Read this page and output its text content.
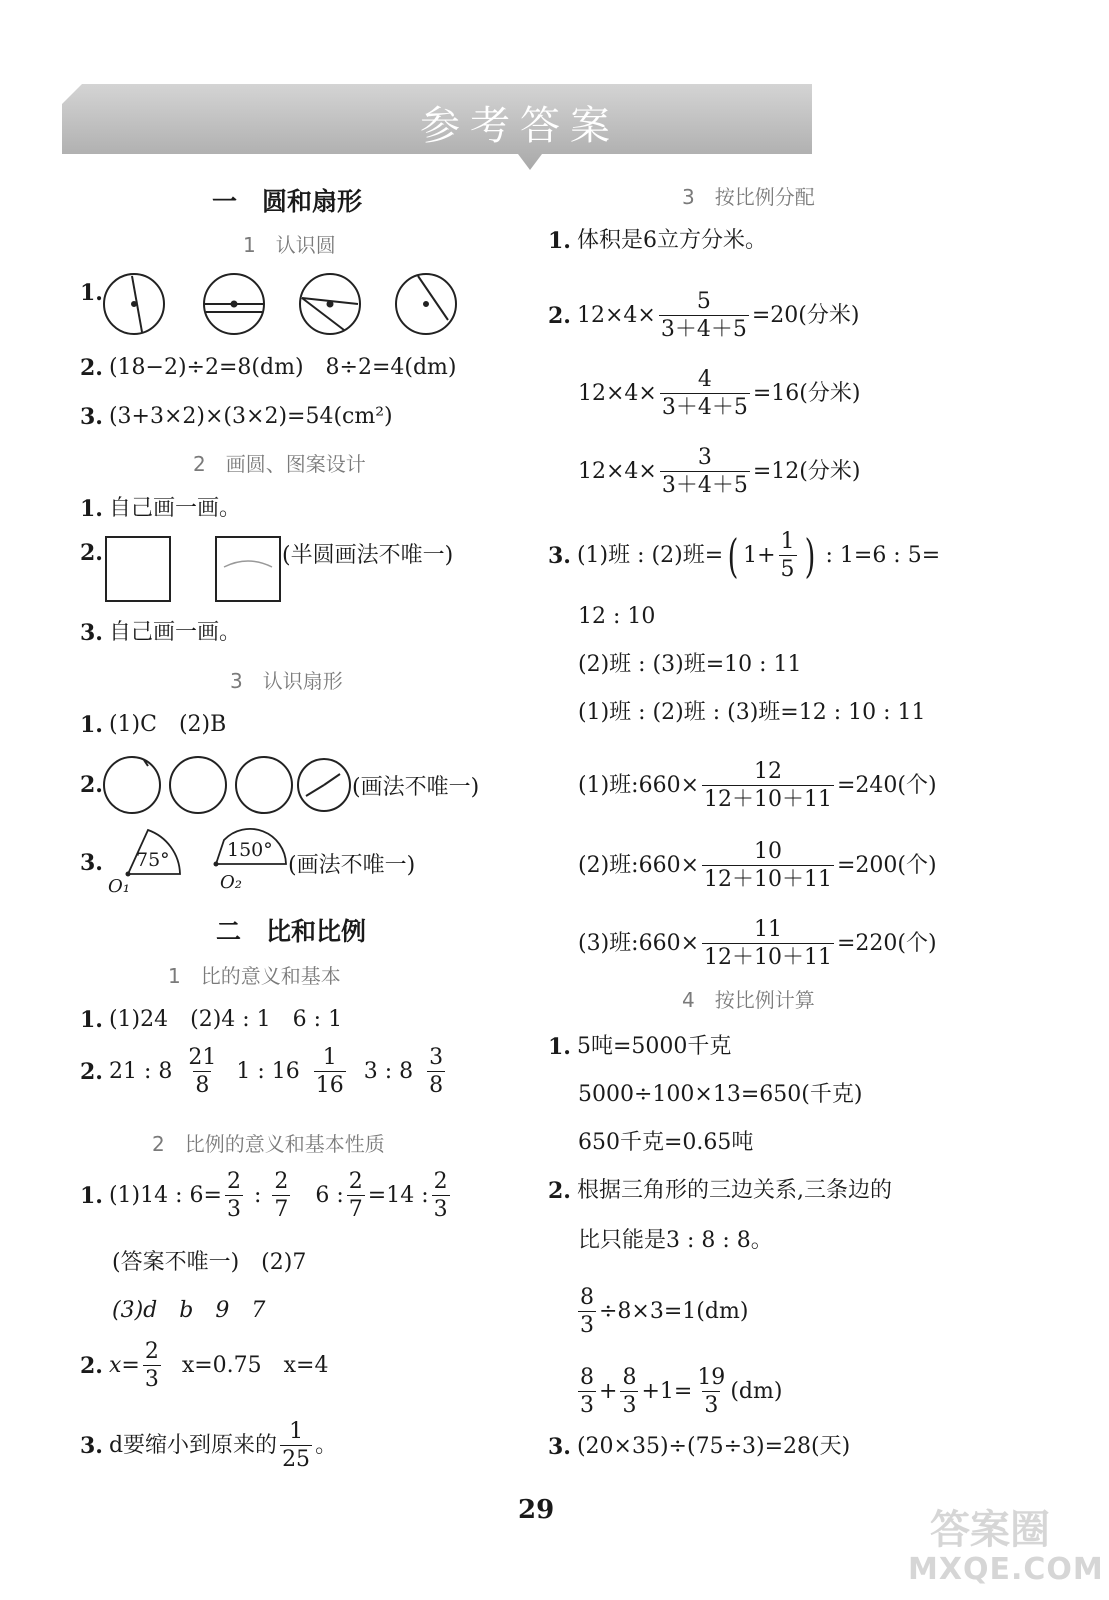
参考答案
一　圆和扇形
1　认识圆
1.
2. (18−2)÷2=8(dm)　8÷2=4(dm)
3. (3+3×2)×(3×2)=54(cm²)
2　画圆、图案设计
1. 自己画一画。
2.	(半圆画法不唯一)
3. 自己画一画。
3　认识扇形
1. (1)C　(2)B
2.	(画法不唯一)
3. 75°	150°
O₁	O₂
(画法不唯一)
二　比和比例
1　比的意义和基本
1. (1)24　(2)4 : 1　6 : 1
2. 21 : $8 \frac{21}{8} 1$ : $16 \frac{1}{16} 3$ : $8 \frac{3}{8}$
2　比例的意义和基本性质
1. (1)14 : $6= \frac{2}{3}$ : $\frac{2}{7} 6$ : $\frac{2}{7} =14$ : $\frac{2}{3}$
(答案不唯一)　(2)7
(3)d　b　9　7
2. $x= \frac{2}{3} x=0.75$　x=4
3. d要缩小到原来的 $\frac{1}{25}$ 。
3　按比例分配
1. 体积是6立方分米。
2. $12\times 4\times \frac{5}{3+4+5} =20$(分米)
$12\times 4\times \frac{4}{3+4+5} =16$(分米)
$12\times 4\times \frac{3}{3+4+5} =12$(分米)
3. (1)班 : (2)班= ( $1+ \frac{1}{5}$ ) : 1=6 : 5=
12 : 10
(2)班 : (3)班=10 : 11
(1)班 : (2)班 : (3)班=12 : 10 : 11
(1)班:660× $\frac{12}{12+10+11} =240$(个)
(2)班:660× $\frac{10}{12+10+11} =200$(个)
(3)班:660× $\frac{11}{12+10+11} =220$(个)
4　按比例计算
1. 5吨=5000千克
5000÷100×13=650(千克)
650千克=0.65吨
2. 根据三角形的三边关系,三条边的
比只能是3 : 8 : 8。
$\frac{8}{3} \div 8\times 3=1(dm)$
$\frac{8}{3} + \frac{8}{3} +1= \frac{19}{3} (dm)$
3. (20×35)÷(75÷3)=28(天)
29	答案圈
MXQE.COM
